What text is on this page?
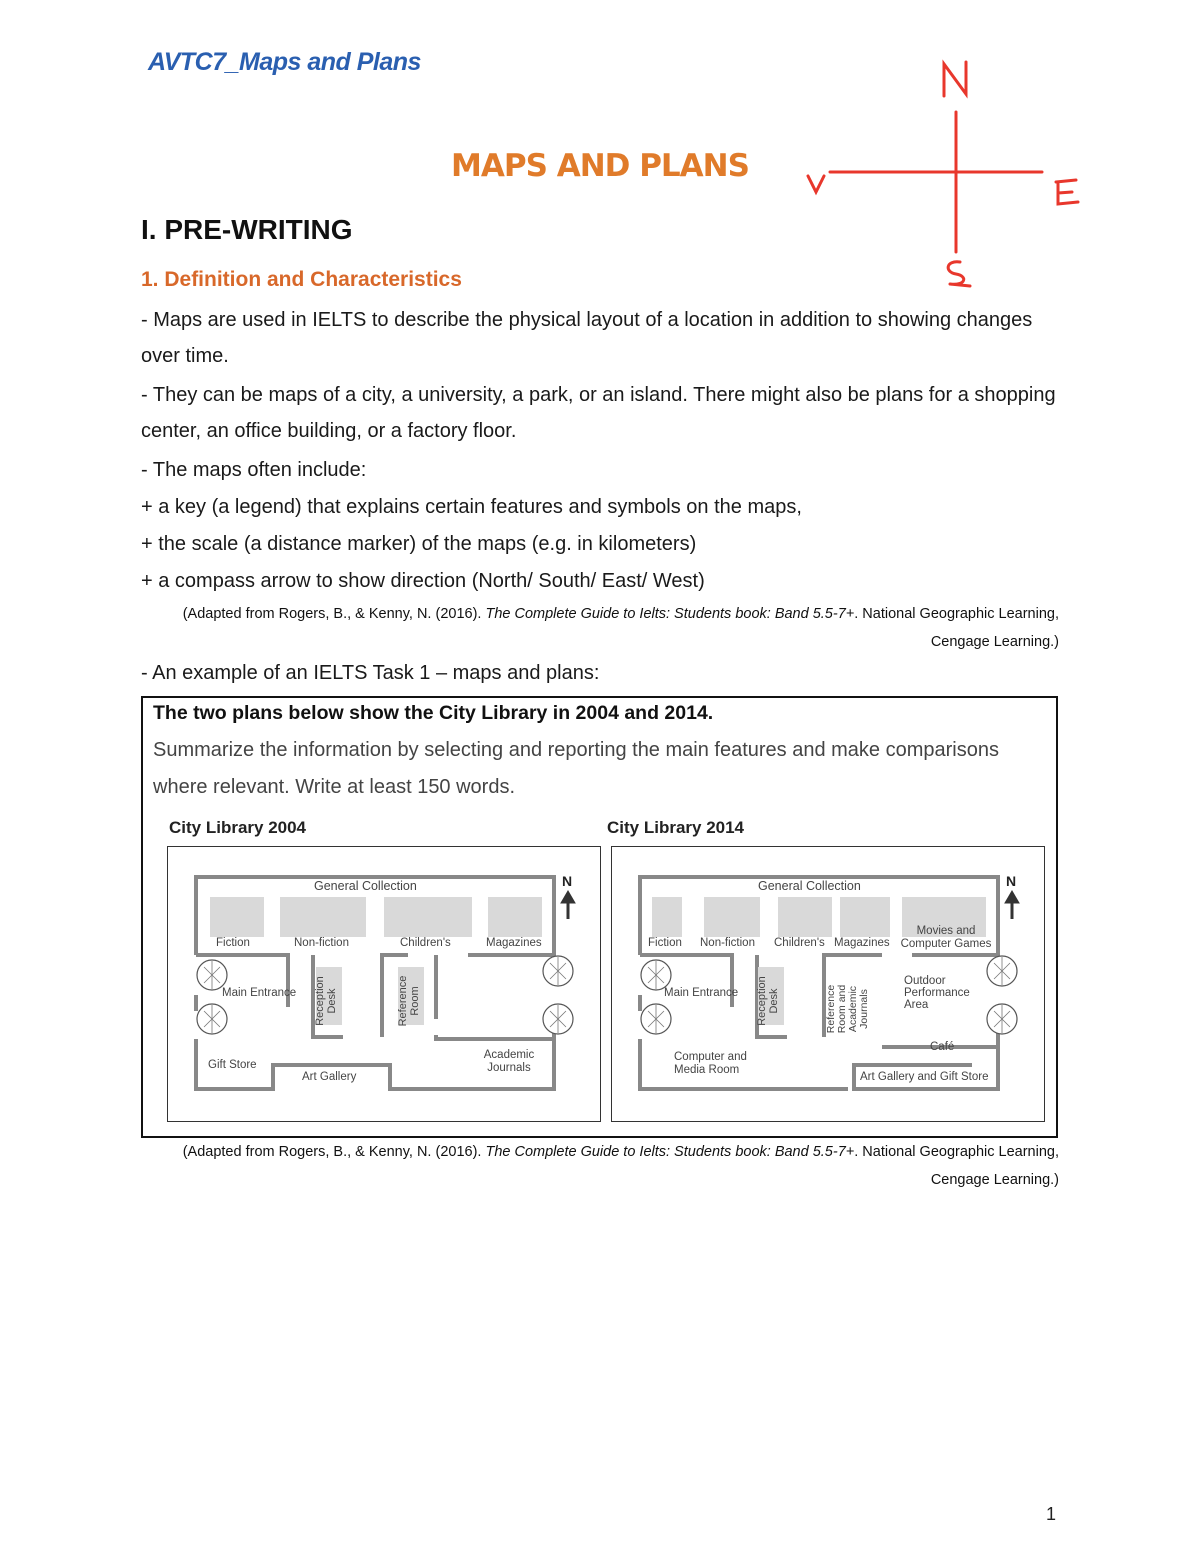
AVTC7_Maps and Plans
MAPS AND PLANS
I. PRE-WRITING
1. Definition and Characteristics
- Maps are used in IELTS to describe the physical layout of a location in addition to showing changes over time.
- They can be maps of a city, a university, a park, or an island. There might also be plans for a shopping center, an office building, or a factory floor.
- The maps often include:
+ a key (a legend) that explains certain features and symbols on the maps,
+ the scale (a distance marker) of the maps (e.g. in kilometers)
+ a compass arrow to show direction (North/ South/ East/ West)
(Adapted from Rogers, B., & Kenny, N. (2016). The Complete Guide to Ielts: Students book: Band 5.5-7+. National Geographic Learning, Cengage Learning.)
- An example of an IELTS Task 1 – maps and plans:
The two plans below show the City Library in 2004 and 2014.
Summarize the information by selecting and reporting the main features and make comparisons where relevant. Write at least 150 words.
City Library 2004
General Collection	N
Fiction	Non-fiction	Children's	Magazines
Main Entrance Reception Desk	Reference Room
Gift Store
Art Gallery
Academic Journals
City Library 2014
General Collection	N
Fiction Non-fiction Children's Magazines
Movies and Computer Games
Main Entrance Reception Desk	Reference Room and Academic Journals
Outdoor Performance Area
Café
Computer and Media Room
Art Gallery and Gift Store
(Adapted from Rogers, B., & Kenny, N. (2016). The Complete Guide to Ielts: Students book: Band 5.5-7+. National Geographic Learning, Cengage Learning.)
1
